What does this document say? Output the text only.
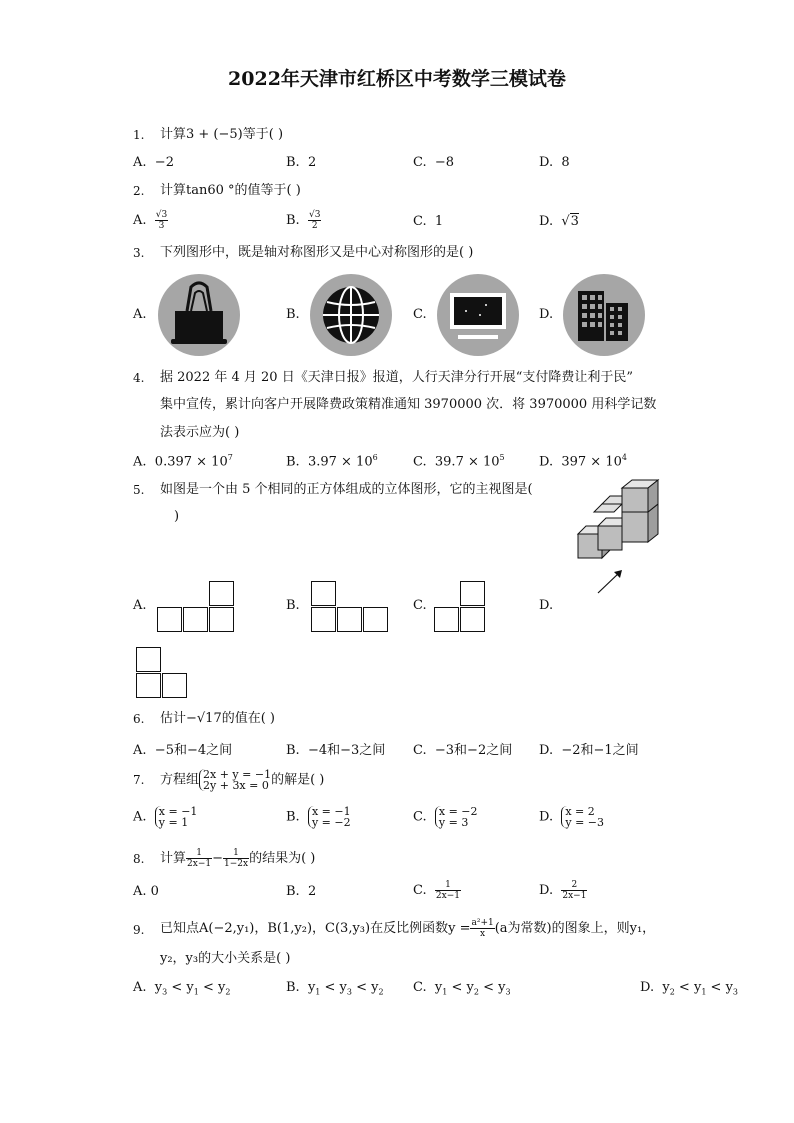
2022年天津市红桥区中考数学三模试卷
1. 计算3 + (−5)等于( )
A. −2	B. 2	C. −8	D. 8
2. 计算tan60 °的值等于( )
A. $\frac{√3}{3}$	B. $\frac{√3}{2}$	C. 1	D.  √3
3. 下列图形中，既是轴对称图形又是中心对称图形的是( )
A.	B.	C.	D.
4. 据 2022 年 4 月 20 日《天津日报》报道，人行天津分行开展“支付降费让利于民”
集中宣传，累计向客户开展降费政策精准通知 3970000 次．将 3970000 用科学记数
法表示应为( )
A.  $0.397 \times 10^7$	B.  $3.97 \times 10^6$	C.  $39.7 \times 10^5$	D.  $397 \times 10^4$
5. 如图是一个由 5 个相同的正方体组成的立体图形，它的主视图是(
)
A.	B.	C.	D.
6. 估计−√17的值在( )
A. −5和−4之间	B. −4和−3之间 C. −3和−2之间 D. −2和−1之间
7. 方程组 2x + y = −1
2y + 3x = 0 的解是( )
A. x = −1
y = 1	B. x = −1
y = −2	C. x = −2
y = 3	D. x = 2
y = −3
8. 计算 $\frac{1}{2x-1} - \frac{1}{1-2x}$ 的结果为( )
A. 0	B. 2	C. $\frac{1}{2x-1}$	D. $\frac{2}{2x-1}$
9. 已知点A(−2,y₁)，B(1,y₂)，C(3,y₃)在反比例函数$y = \frac{\text{a²+1}}{x} (a$为常数)的图象上，则y₁，
y₂，y₃的大小关系是( )
A.  $y_3 < y_1 < y_2$	B.  $y_1 < y_3 < y_2$ C.  $y_1 < y_2 < y_3$	D.  $y_2 < y_1 < y_3$
